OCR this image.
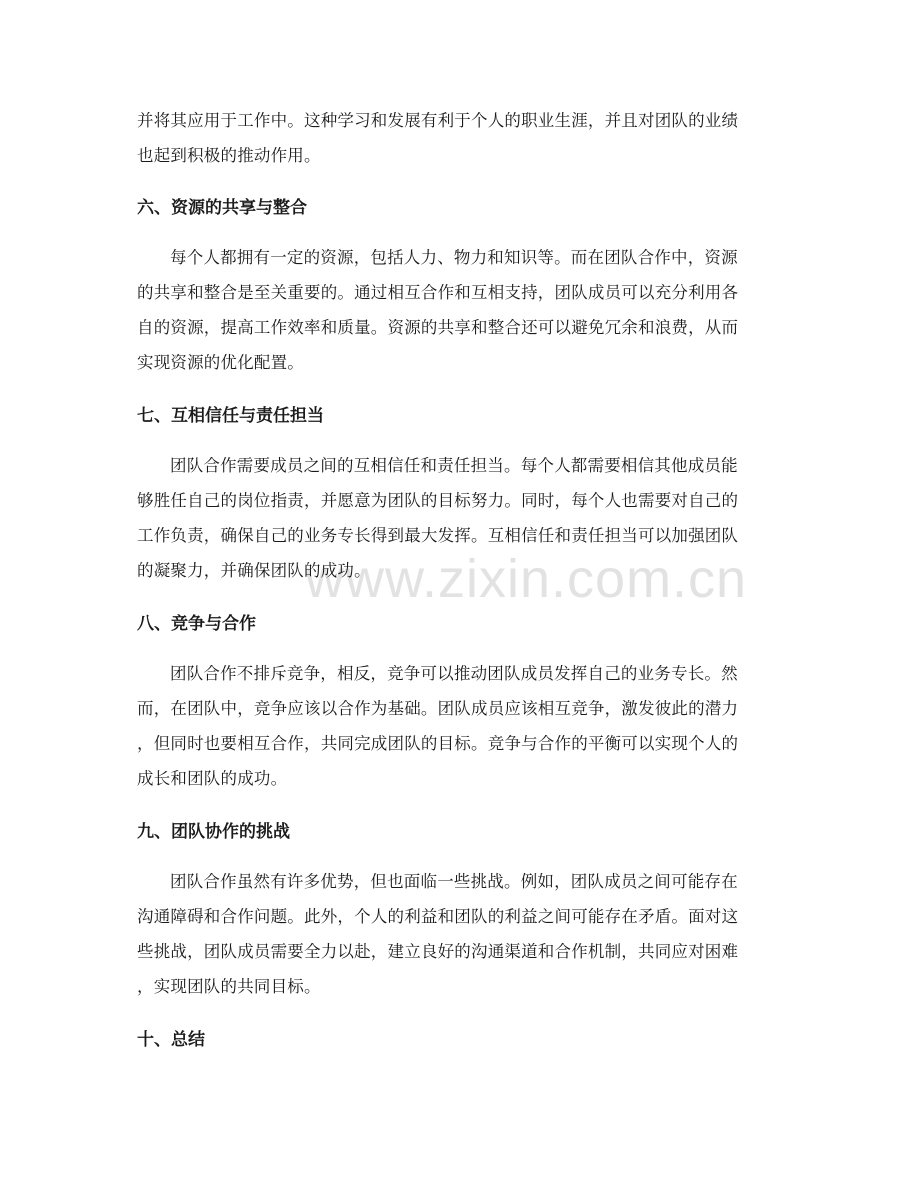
www.zixin.com.cn
并将其应用于工作中。这种学习和发展有利于个人的职业生涯，并且对团队的业绩
也起到积极的推动作用。
六、资源的共享与整合
每个人都拥有一定的资源，包括人力、物力和知识等。而在团队合作中，资源
的共享和整合是至关重要的。通过相互合作和互相支持，团队成员可以充分利用各
自的资源，提高工作效率和质量。资源的共享和整合还可以避免冗余和浪费，从而
实现资源的优化配置。
七、互相信任与责任担当
团队合作需要成员之间的互相信任和责任担当。每个人都需要相信其他成员能
够胜任自己的岗位指责，并愿意为团队的目标努力。同时，每个人也需要对自己的
工作负责，确保自己的业务专长得到最大发挥。互相信任和责任担当可以加强团队
的凝聚力，并确保团队的成功。
八、竞争与合作
团队合作不排斥竞争，相反，竞争可以推动团队成员发挥自己的业务专长。然
而，在团队中，竞争应该以合作为基础。团队成员应该相互竞争，激发彼此的潜力
，但同时也要相互合作，共同完成团队的目标。竞争与合作的平衡可以实现个人的
成长和团队的成功。
九、团队协作的挑战
团队合作虽然有许多优势，但也面临一些挑战。例如，团队成员之间可能存在
沟通障碍和合作问题。此外，个人的利益和团队的利益之间可能存在矛盾。面对这
些挑战，团队成员需要全力以赴，建立良好的沟通渠道和合作机制，共同应对困难
，实现团队的共同目标。
十、总结
